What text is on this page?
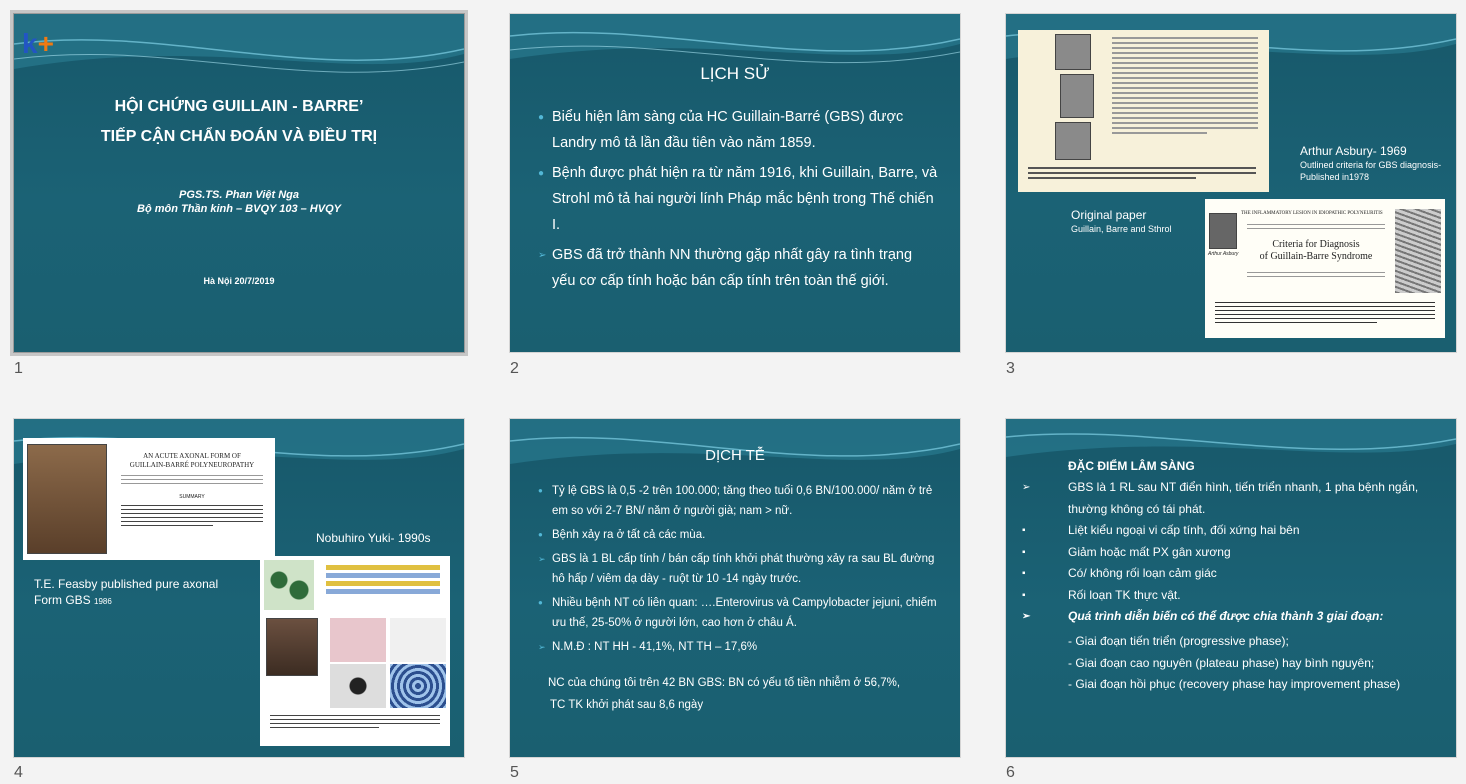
k+
HỘI CHỨNG GUILLAIN - BARRE’
TIẾP CẬN CHẨN ĐOÁN VÀ ĐIỀU TRỊ
PGS.TS. Phan Việt Nga
Bộ môn Thần kinh – BVQY 103 – HVQY
Hà Nội 20/7/2019
1
LỊCH SỬ
● Biểu hiện lâm sàng của HC Guillain-Barré (GBS) được Landry mô tả lần đầu tiên vào năm 1859.
● Bệnh được phát hiện ra từ năm 1916, khi Guillain, Barre, và Strohl mô tả hai người lính Pháp mắc bệnh trong Thế chiến I.
➢ GBS đã trở thành NN thường gặp nhất gây ra tình trạng yếu cơ cấp tính hoặc bán cấp tính trên toàn thế giới.
2
Arthur Asbury- 1969
Outlined criteria for GBS diagnosis-
Published in1978
Original paper
Guillain, Barre and Sthrol
Arthur Asbury
THE INFLAMMATORY LESION IN IDIOPATHIC POLYNEURITIS
Criteria for Diagnosis
of Guillain-Barre Syndrome
3
AN ACUTE AXONAL FORM OF
GUILLAIN-BARRÉ POLYNEUROPATHY
SUMMARY
Nobuhiro Yuki- 1990s
T.E. Feasby published pure axonal
Form GBS 1986
4
DỊCH TỄ
● Tỷ lệ GBS là 0,5 -2 trên 100.000; tăng theo tuổi 0,6 BN/100.000/ năm ở trẻ em so với 2-7 BN/ năm ở người già; nam > nữ.
● Bệnh xảy ra ở tất cả các mùa.
➢ GBS là 1 BL cấp tính / bán cấp tính khởi phát thường xảy ra sau BL đường hô hấp / viêm dạ dày - ruột từ 10 -14 ngày trước.
● Nhiều bệnh NT có liên quan: ….Enterovirus và Campylobacter jejuni, chiếm ưu thế, 25-50% ở người lớn, cao hơn ở châu Á.
➢ N.M.Đ : NT HH - 41,1%, NT TH – 17,6%
NC của chúng tôi trên 42 BN GBS: BN có yếu tố tiền nhiễm ở 56,7%,
TC TK khởi phát sau 8,6 ngày
5
ĐẶC ĐIỂM LÂM SÀNG
➢	GBS là 1 RL sau NT điển hình, tiến triển nhanh, 1 pha bệnh ngắn, thường không có tái phát.
▪	Liệt kiểu ngoại vi cấp tính, đối xứng hai bên
▪	Giảm hoặc mất PX gân xương
▪	Có/ không rối loạn cảm giác
▪	Rối loạn TK thực vật.
➢	Quá trình diễn biến có thể được chia thành 3 giai đoạn:
- Giai đoạn tiến triển (progressive phase);
- Giai đoạn cao nguyên (plateau phase) hay bình nguyên;
- Giai đoạn hồi phục (recovery phase hay improvement phase)
6
